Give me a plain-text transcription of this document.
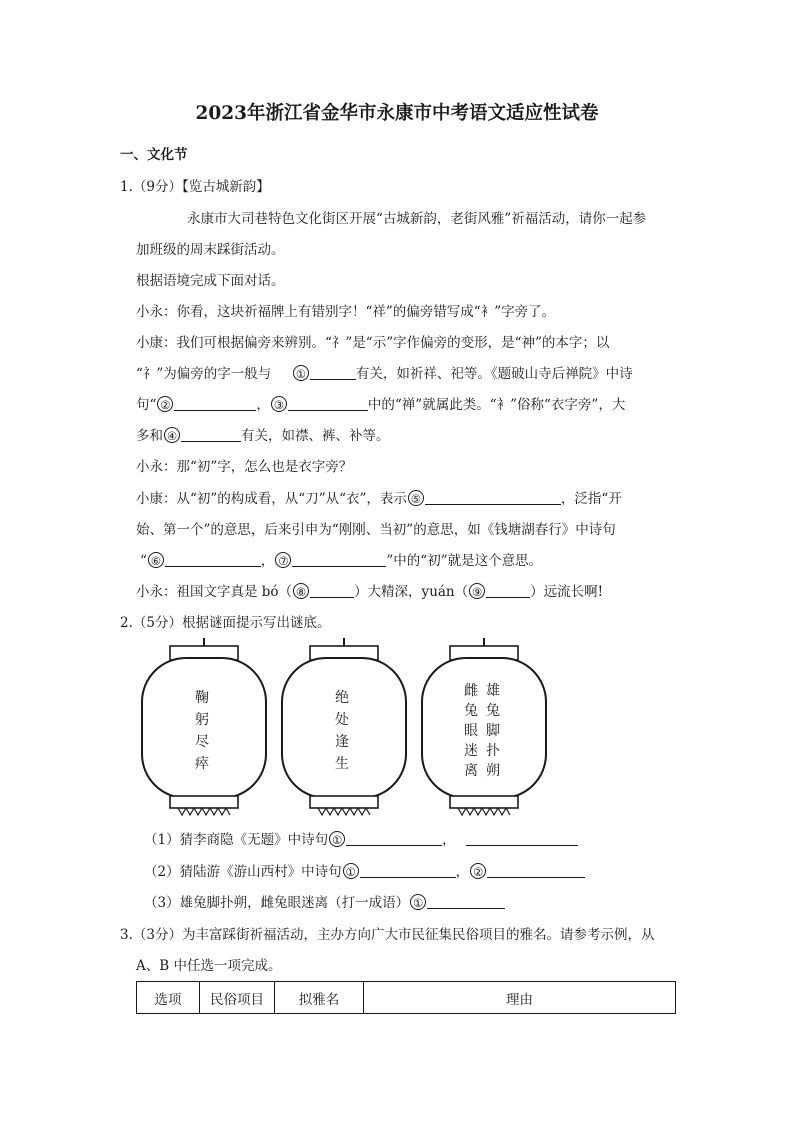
2023年浙江省金华市永康市中考语文适应性试卷
一、文化节
1.（9分）【览古城新韵】
永康市大司巷特色文化街区开展“古城新韵，老街风雅”祈福活动，请你一起参
加班级的周末踩街活动。
根据语境完成下面对话。
小永：你看，这块祈福牌上有错别字！“祥”的偏旁错写成“衤”字旁了。
小康：我们可根据偏旁来辨别。“礻”是“示”字作偏旁的变形，是“神”的本字；以
“礻”为偏旁的字一般与 ①	有关，如祈祥、祀等。《题破山寺后禅院》中诗
句“ ②	， ③	中的“禅”就属此类。“衤”俗称“衣字旁”，大
多和 ④	有关，如襟、裤、补等。
小永：那“初”字，怎么也是衣字旁？
小康：从“初”的构成看，从“刀”从“衣”，表示 ⑤	，泛指“开
始、第一个”的意思，后来引申为“刚刚、当初”的意思，如《钱塘湖春行》中诗句
“ ⑥	， ⑦	”中的“初”就是这个意思。
小永：祖国文字真是 bó（ ⑧	）大精深，yuán（ ⑨	）远流长啊!
2.（5分）根据谜面提示写出谜底。
鞠
躬
尽
瘁
绝
处
逢
生
雄
兔
脚
扑
朔
雌
兔
眼
迷
离
（1）猜李商隐《无题》中诗句 ①	，
（2）猜陆游《游山西村》中诗句 ①	， ②
（3）雄兔脚扑朔，雌兔眼迷离（打一成语） ①
3.（3分）为丰富踩街祈福活动，主办方向广大市民征集民俗项目的雅名。请参考示例，从
A、B 中任选一项完成。
选项	民俗项目	拟雅名	理由
